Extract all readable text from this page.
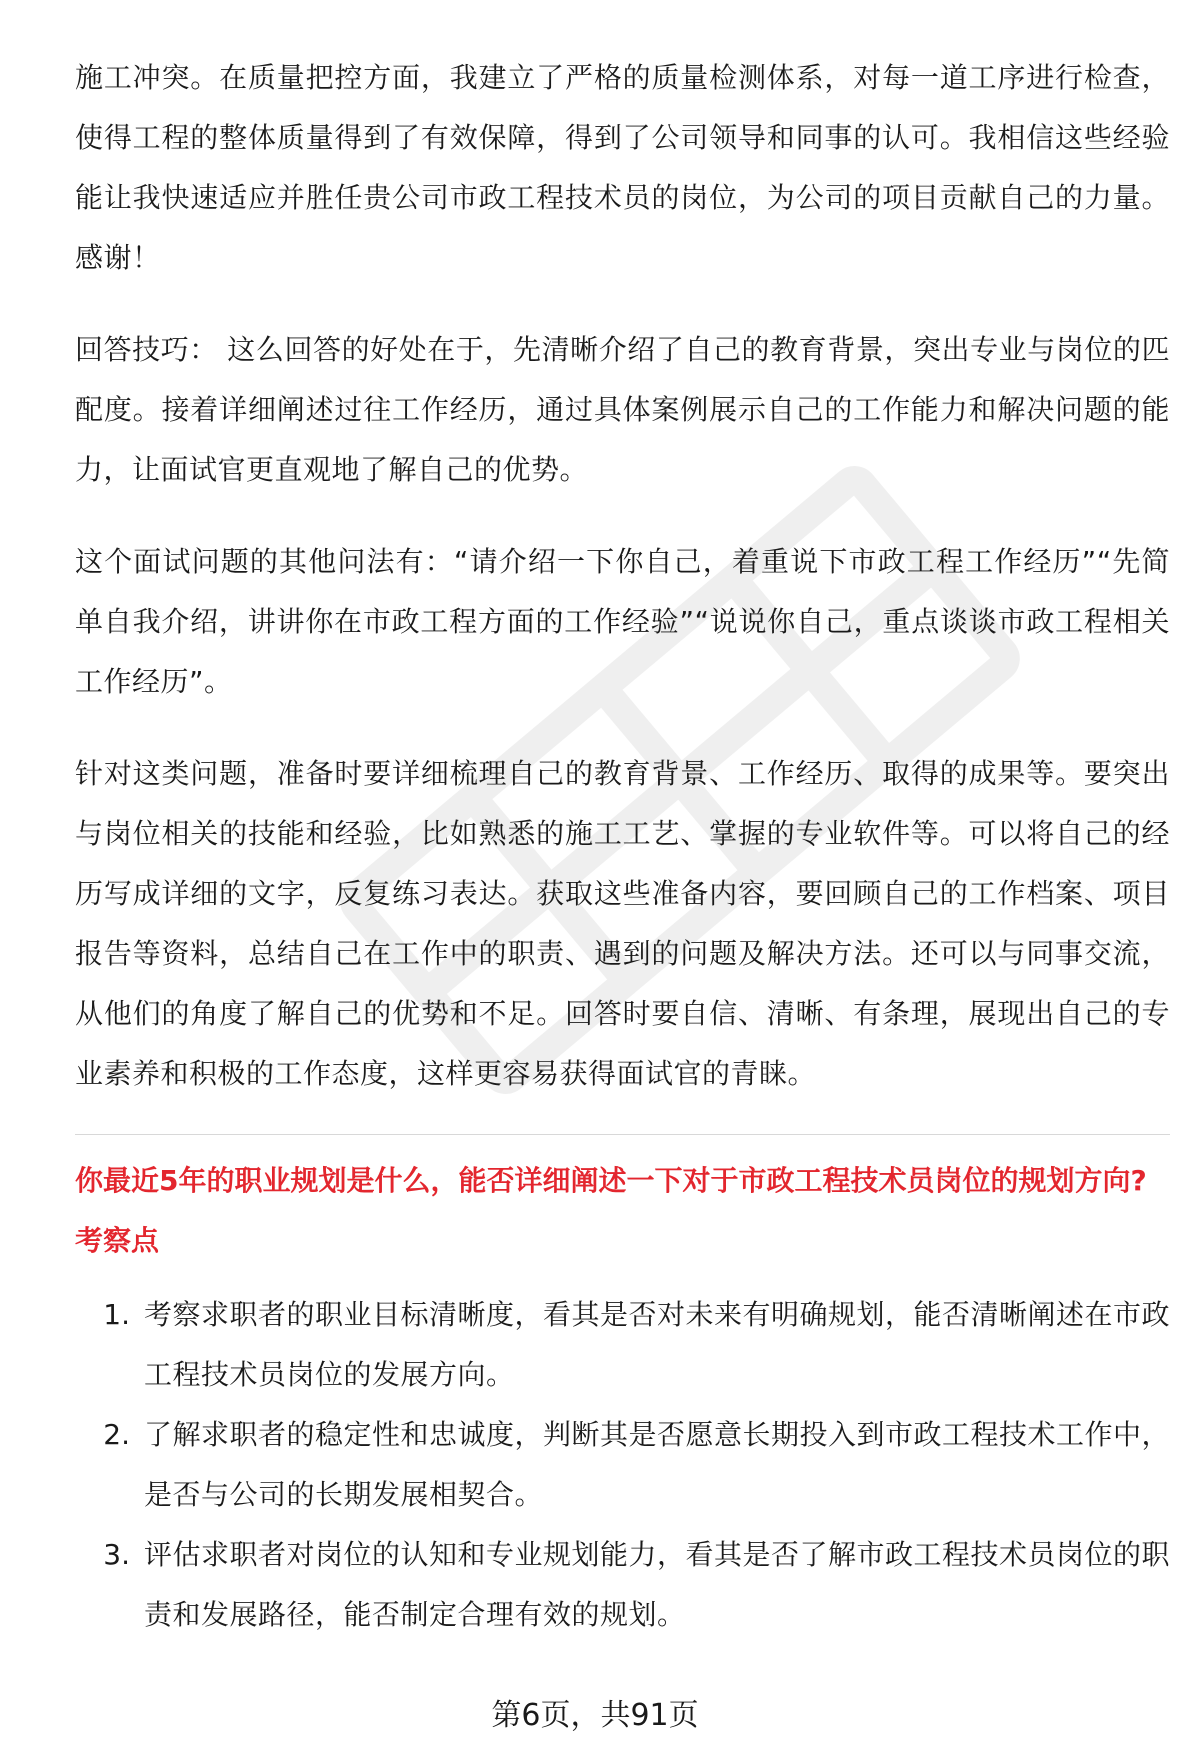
施工冲突。在质量把控方面，我建立了严格的质量检测体系，对每一道工序进行检查，使得工程的整体质量得到了有效保障，得到了公司领导和同事的认可。我相信这些经验能让我快速适应并胜任贵公司市政工程技术员的岗位，为公司的项目贡献自己的力量。感谢！

回答技巧： 这么回答的好处在于，先清晰介绍了自己的教育背景，突出专业与岗位的匹配度。接着详细阐述过往工作经历，通过具体案例展示自己的工作能力和解决问题的能力，让面试官更直观地了解自己的优势。

这个面试问题的其他问法有：“请介绍一下你自己，着重说下市政工程工作经历”“先简单自我介绍，讲讲你在市政工程方面的工作经验”“说说你自己，重点谈谈市政工程相关工作经历”。

针对这类问题，准备时要详细梳理自己的教育背景、工作经历、取得的成果等。要突出与岗位相关的技能和经验，比如熟悉的施工工艺、掌握的专业软件等。可以将自己的经历写成详细的文字，反复练习表达。获取这些准备内容，要回顾自己的工作档案、项目报告等资料，总结自己在工作中的职责、遇到的问题及解决方法。还可以与同事交流，从他们的角度了解自己的优势和不足。回答时要自信、清晰、有条理，展现出自己的专业素养和积极的工作态度，这样更容易获得面试官的青睐。

你最近5年的职业规划是什么，能否详细阐述一下对于市政工程技术员岗位的规划方向?
考察点
1. 考察求职者的职业目标清晰度，看其是否对未来有明确规划，能否清晰阐述在市政工程技术员岗位的发展方向。
2. 了解求职者的稳定性和忠诚度，判断其是否愿意长期投入到市政工程技术工作中，是否与公司的长期发展相契合。
3. 评估求职者对岗位的认知和专业规划能力，看其是否了解市政工程技术员岗位的职责和发展路径，能否制定合理有效的规划。
第6页，共91页
